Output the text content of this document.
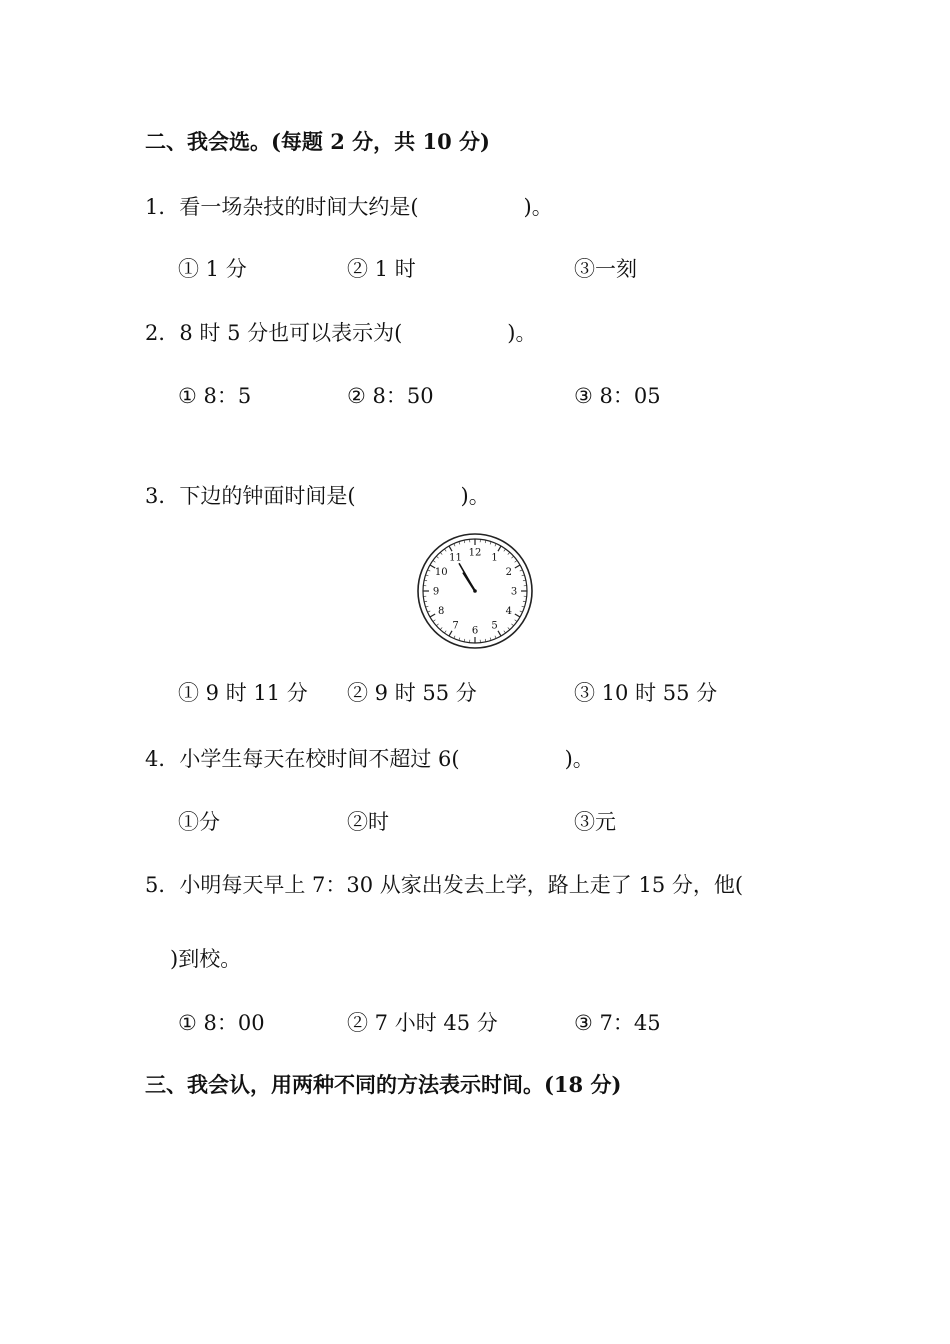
二、我会选。(每题 2 分，共 10 分)
1．看一场杂技的时间大约是(　　　　　)。
① 1 分	② 1 时	③一刻
2．8 时 5 分也可以表示为(　　　　　)。
① 8：5	② 8：50	③ 8：05
3．下边的钟面时间是(　　　　　)。
12 1
2
3
4
5
6
7
8
9
10
11
① 9 时 11 分 ② 9 时 55 分	③ 10 时 55 分
4．小学生每天在校时间不超过 6(　　　　　)。
①分	②时	③元
5．小明每天早上 7：30 从家出发去上学，路上走了 15 分，他(
)到校。
① 8：00	② 7 小时 45 分	③ 7：45
三、我会认，用两种不同的方法表示时间。(18 分)
